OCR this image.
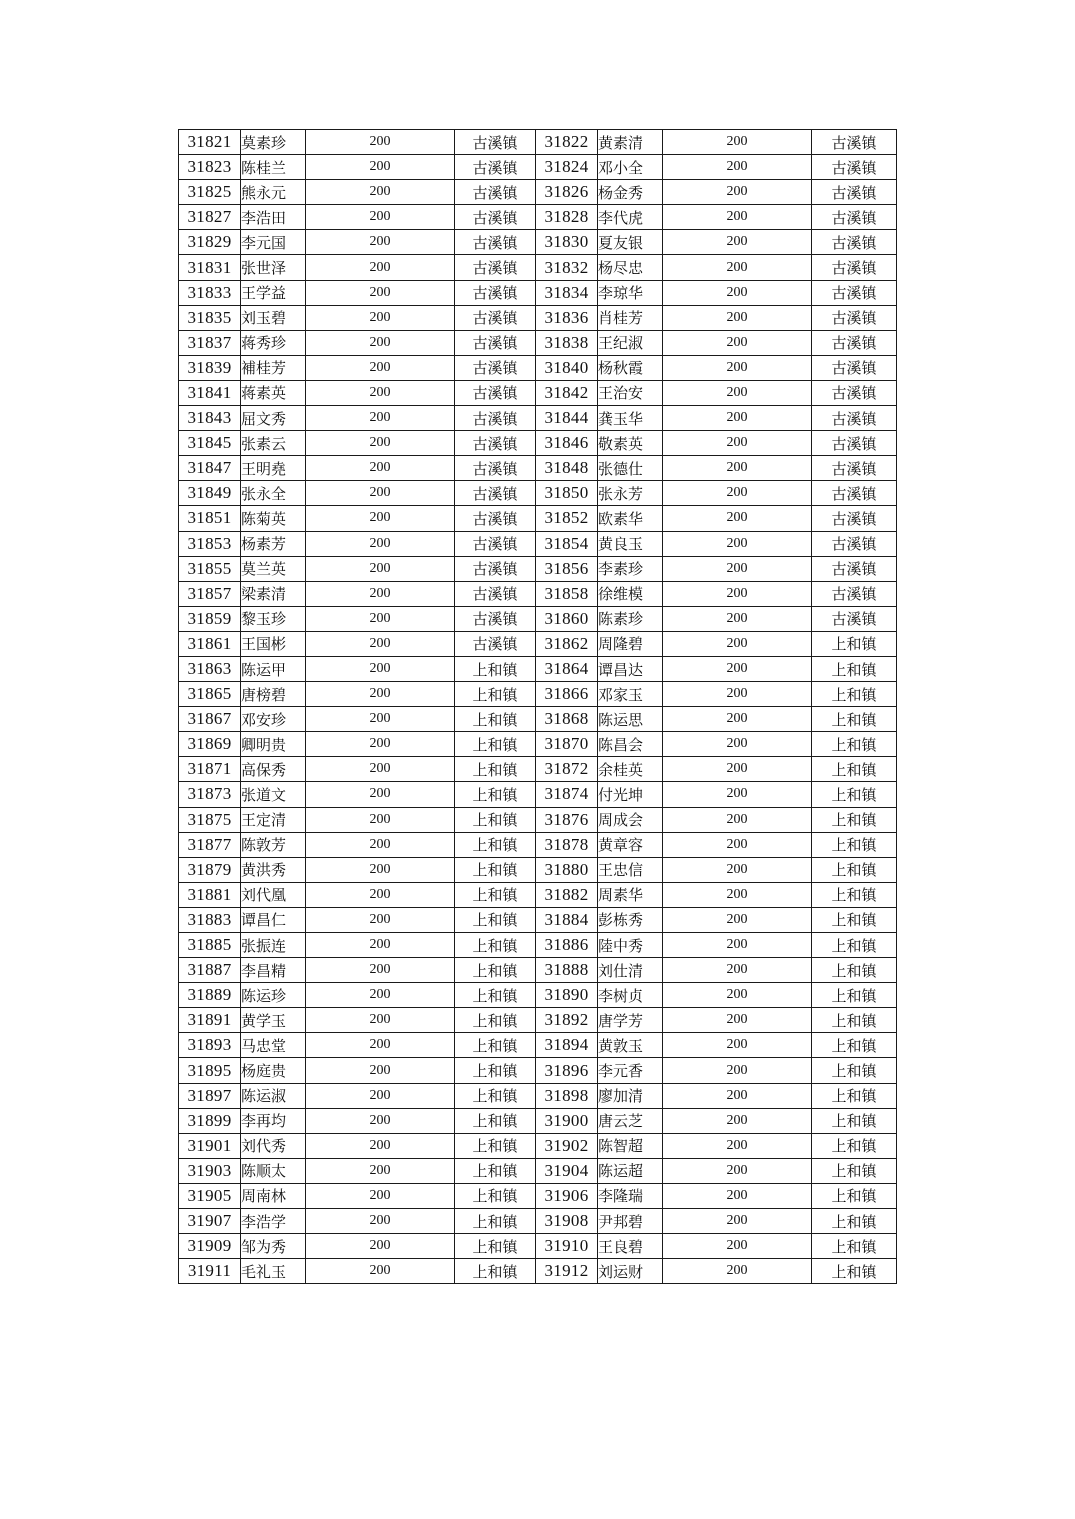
31821	莫素珍	200	古溪镇	31822	黄素清	200	古溪镇
31823	陈桂兰	200	古溪镇	31824	邓小全	200	古溪镇
31825	熊永元	200	古溪镇	31826	杨金秀	200	古溪镇
31827	李浩田	200	古溪镇	31828	李代虎	200	古溪镇
31829	李元国	200	古溪镇	31830	夏友银	200	古溪镇
31831	张世泽	200	古溪镇	31832	杨尽忠	200	古溪镇
31833	王学益	200	古溪镇	31834	李琼华	200	古溪镇
31835	刘玉碧	200	古溪镇	31836	肖桂芳	200	古溪镇
31837	蒋秀珍	200	古溪镇	31838	王纪淑	200	古溪镇
31839	補桂芳	200	古溪镇	31840	杨秋霞	200	古溪镇
31841	蒋素英	200	古溪镇	31842	王治安	200	古溪镇
31843	屈文秀	200	古溪镇	31844	龚玉华	200	古溪镇
31845	张素云	200	古溪镇	31846	敬素英	200	古溪镇
31847	王明堯	200	古溪镇	31848	张德仕	200	古溪镇
31849	张永全	200	古溪镇	31850	张永芳	200	古溪镇
31851	陈菊英	200	古溪镇	31852	欧素华	200	古溪镇
31853	杨素芳	200	古溪镇	31854	黄良玉	200	古溪镇
31855	莫兰英	200	古溪镇	31856	李素珍	200	古溪镇
31857	梁素清	200	古溪镇	31858	徐维模	200	古溪镇
31859	黎玉珍	200	古溪镇	31860	陈素珍	200	古溪镇
31861	王国彬	200	古溪镇	31862	周隆碧	200	上和镇
31863	陈运甲	200	上和镇	31864	谭昌达	200	上和镇
31865	唐榜碧	200	上和镇	31866	邓家玉	200	上和镇
31867	邓安珍	200	上和镇	31868	陈运思	200	上和镇
31869	卿明贵	200	上和镇	31870	陈昌会	200	上和镇
31871	高保秀	200	上和镇	31872	余桂英	200	上和镇
31873	张道文	200	上和镇	31874	付光坤	200	上和镇
31875	王定清	200	上和镇	31876	周成会	200	上和镇
31877	陈敦芳	200	上和镇	31878	黄章容	200	上和镇
31879	黄洪秀	200	上和镇	31880	王忠信	200	上和镇
31881	刘代凰	200	上和镇	31882	周素华	200	上和镇
31883	谭昌仁	200	上和镇	31884	彭栋秀	200	上和镇
31885	张振连	200	上和镇	31886	陸中秀	200	上和镇
31887	李昌精	200	上和镇	31888	刘仕清	200	上和镇
31889	陈运珍	200	上和镇	31890	李树贞	200	上和镇
31891	黄学玉	200	上和镇	31892	唐学芳	200	上和镇
31893	马忠堂	200	上和镇	31894	黄敦玉	200	上和镇
31895	杨庭贵	200	上和镇	31896	李元香	200	上和镇
31897	陈运淑	200	上和镇	31898	廖加清	200	上和镇
31899	李再均	200	上和镇	31900	唐云芝	200	上和镇
31901	刘代秀	200	上和镇	31902	陈智超	200	上和镇
31903	陈顺太	200	上和镇	31904	陈运超	200	上和镇
31905	周南林	200	上和镇	31906	李隆瑞	200	上和镇
31907	李浩学	200	上和镇	31908	尹邦碧	200	上和镇
31909	邹为秀	200	上和镇	31910	王良碧	200	上和镇
31911	毛礼玉	200	上和镇	31912	刘运财	200	上和镇
